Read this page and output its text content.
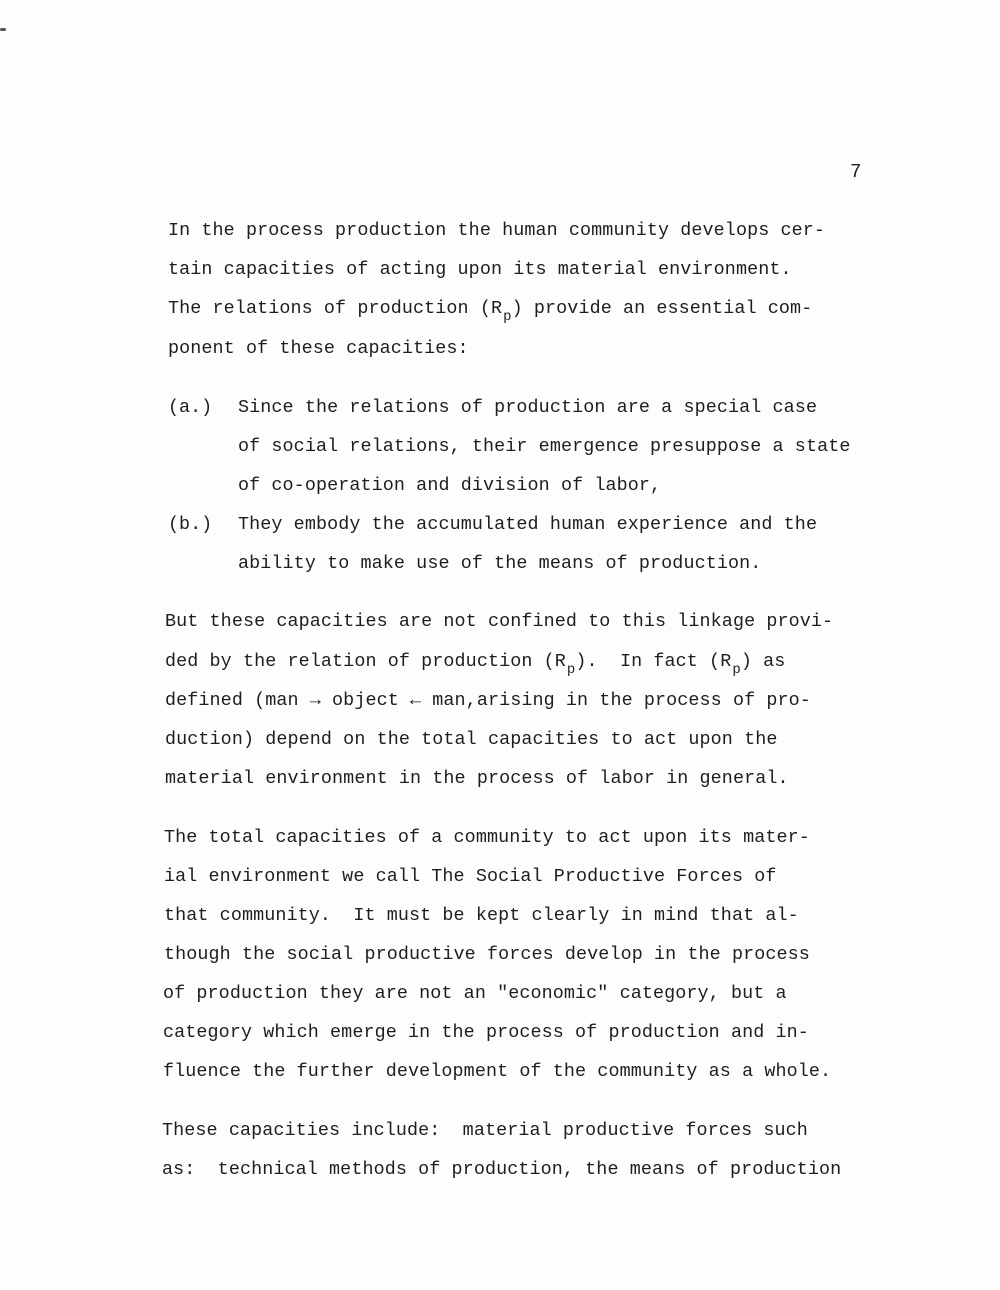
7
In the process production the human community develops cer-
tain capacities of acting upon its material environment.
The relations of production $(R_p)$ provide an essential com-
ponent of these capacities:
(a.) Since the relations of production are a special case
of social relations, their emergence presuppose a state
of co-operation and division of labor,
(b.) They embody the accumulated human experience and the
ability to make use of the means of production.
But these capacities are not confined to this linkage provi-
ded by the relation of production $(R_p)$.  In fact $(R_p)$ as
defined (man → object ← man,arising in the process of pro-
duction) depend on the total capacities to act upon the
material environment in the process of labor in general.
The total capacities of a community to act upon its mater-
ial environment we call The Social Productive Forces of
that community.  It must be kept clearly in mind that al-
though the social productive forces develop in the process
of production they are not an "economic" category, but a
category which emerge in the process of production and in-
fluence the further development of the community as a whole.
These capacities include:  material productive forces such
as:  technical methods of production, the means of production
